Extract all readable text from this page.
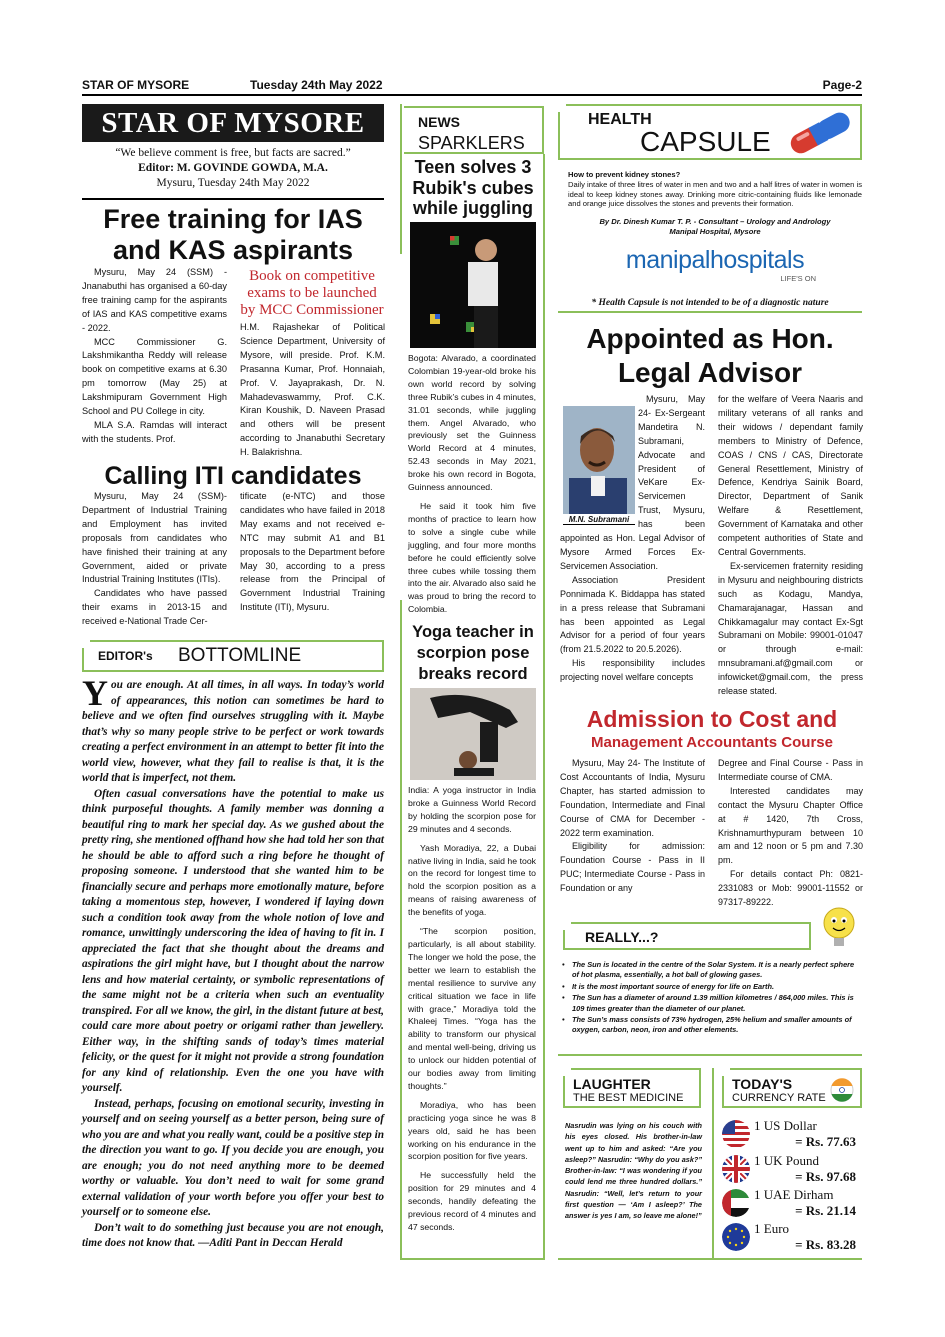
STAR OF MYSORE	Tuesday 24th May 2022	Page-2
STAR OF MYSORE
“We believe comment is free, but facts are sacred.”
Editor: M. GOVINDE GOWDA, M.A.
Mysuru, Tuesday 24th May 2022
Free training for IAS and KAS aspirants

Mysuru, May 24 (SSM) - Jnanabuthi has organised a 60-day free training camp for the aspirants of IAS and KAS competitive exams - 2022.

MCC Commissioner G. Lakshmikantha Reddy will release book on competitive exams at 6.30 pm tomorrow (May 25) at Lakshmipuram Government High School and PU College in city.

MLA S.A. Ramdas will interact with the students. Prof.

Book on competitive exams to be launched by MCC Commissioner

H.M. Rajashekar of Political Science Department, University of Mysore, will preside. Prof. K.M. Prasanna Kumar, Prof. Honnaiah, Prof. V. Jayaprakash, Dr. N. Mahadevaswammy, Prof. C.K. Kiran Koushik, D. Naveen Prasad and others will be present according to Jnanabuthi Secretary H. Balakrishna.

Calling ITI candidates

Mysuru, May 24 (SSM)- Department of Industrial Training and Employment has invited proposals from candidates who have finished their training at any Government, aided or private Industrial Training Institutes (ITIs).

Candidates who have passed their exams in 2013-15 and received e-National Trade Cer-

tificate (e-NTC) and those candidates who have failed in 2018 May exams and not received e-NTC may submit A1 and B1 proposals to the Department before May 30, according to a press release from the Principal of Government Industrial Training Institute (ITI), Mysuru.

EDITOR's BOTTOMLINE

You are enough. At all times, in all ways. In today’s world of appearances, this notion can sometimes be hard to believe and we often find ourselves struggling with it. Maybe that’s why so many people strive to be perfect or work towards creating a perfect environment in an attempt to better fit into the world view, however, what they fail to realise is that, it is the world that is imperfect, not them.

Often casual conversations have the potential to make us think purposeful thoughts. A family member was donning a beautiful ring to mark her special day. As we gushed about the pretty ring, she mentioned offhand how she had told her son that he should be able to afford such a ring before he thought of proposing someone. I understood that she wanted him to be financially secure and perhaps more emotionally mature, before taking a momentous step, however, I wondered if laying down such a condition took away from the whole notion of love and romance, unwittingly underscoring the idea of having to fit in. I appreciated the fact that she thought about the dreams and aspirations the girl might have, but I thought about the narrow lens and how material certainty, or symbolic representations of the same might not be a criteria when such an eventuality transpired. For all we know, the girl, in the distant future at best, could care more about poetry or origami rather than jewellery. Either way, in the shifting sands of today’s times material felicity, or the quest for it might not provide a strong foundation for any kind of relationship. Even the one you have with yourself.

Instead, perhaps, focusing on emotional security, investing in yourself and on seeing yourself as a better person, being sure of who you are and what you really want, could be a positive step in the direction you want to go. If you decide you are enough, you are enough; you do not need anything more to be deemed worthy or valuable. You don’t need to wait for some grand external validation of your worth before you offer your best to yourself or to someone else.

Don’t wait to do something just because you are not enough, time does not know that. —Aditi Pant in Deccan Herald

NEWS
SPARKLERS
Teen solves 3 Rubik's cubes while juggling

Bogota: Alvarado, a coordinated Colombian 19-year-old broke his own world record by solving three Rubik’s cubes in 4 minutes, 31.01 seconds, while juggling them. Angel Alvarado, who previously set the Guinness World Record at 4 minutes, 52.43 seconds in May 2021, broke his own record in Bogota, Guinness announced.

He said it took him five months of practice to learn how to solve a single cube while juggling, and four more months before he could efficiently solve three cubes while tossing them into the air. Alvarado also said he was proud to bring the record to Colombia.

Yoga teacher in scorpion pose breaks record

India: A yoga instructor in India broke a Guinness World Record by holding the scorpion pose for 29 minutes and 4 seconds.

Yash Moradiya, 22, a Dubai native living in India, said he took on the record for longest time to hold the scorpion position as a means of raising awareness of the benefits of yoga.

“The scorpion position, particularly, is all about stability. The longer we hold the pose, the better we learn to establish the mental resilience to survive any critical situation we face in life with grace,” Moradiya told the Khaleej Times. “Yoga has the ability to transform our physical and mental well-being, driving us to unlock our hidden potential of our bodies away from limiting thoughts.”

Moradiya, who has been practicing yoga since he was 8 years old, said he has been working on his endurance in the scorpion position for five years.

He successfully held the position for 29 minutes and 4 seconds, handily defeating the previous record of 4 minutes and 47 seconds.

HEALTH
CAPSULE
How to prevent kidney stones?
Daily intake of three litres of water in men and two and a half litres of water in women is ideal to keep kidney stones away. Drinking more citric-containing fluids like lemonade and orange juice dissolves the stones and prevents their formation.
By Dr. Dinesh Kumar T. P. - Consultant – Urology and Andrology
Manipal Hospital, Mysore
manipalhospitals
LIFE'S ON
* Health Capsule is not intended to be of a diagnostic nature
Appointed as Hon. Legal Advisor
M.N. Subramani

Mysuru, May 24- Ex-Sergeant Mandetira N. Subramani, Advocate and President of VeKare Ex-Servicemen Trust, Mysuru, has been appointed as Hon. Legal Advisor of Mysore Armed Forces Ex-Servicemen Association.

Association President Ponnimada K. Biddappa has stated in a press release that Subramani has been appointed as Legal Advisor for a period of four years (from 21.5.2022 to 20.5.2026).

His responsibility includes projecting novel welfare concepts

for the welfare of Veera Naaris and military veterans of all ranks and their widows / dependant family members to Ministry of Defence, COAS / CNS / CAS, Directorate General Resettlement, Ministry of Defence, Kendriya Sainik Board, Director, Department of Sanik Welfare & Resettlement, Government of Karnataka and other competent authorities of State and Central Governments.

Ex-servicemen fraternity residing in Mysuru and neighbouring districts such as Kodagu, Mandya, Chamarajanagar, Hassan and Chikkamagalur may contact Ex-Sgt Subramani on Mobile: 99001-01047 or through e-mail: mnsubramani.af@gmail.com or infowicket@gmail.com, the press release stated.

Admission to Cost and
Management Accountants Course

Mysuru, May 24- The Institute of Cost Accountants of India, Mysuru Chapter, has started admission to Foundation, Intermediate and Final Course of CMA for December - 2022 term examination.

Eligibility for admission: Foundation Course - Pass in II PUC; Intermediate Course - Pass in Foundation or any

Degree and Final Course - Pass in Intermediate course of CMA.

Interested candidates may contact the Mysuru Chapter Office at # 1420, 7th Cross, Krishnamurthypuram between 10 am and 12 noon or 5 pm and 7.30 pm.

For details contact Ph: 0821-2331083 or Mob: 99001-11552 or 97317-89222.

REALLY...?
• The Sun is located in the centre of the Solar System. It is a nearly perfect sphere of hot plasma, essentially, a hot ball of glowing gases.
• It is the most important source of energy for life on Earth.
• The Sun has a diameter of around 1.39 million kilometres / 864,000 miles. This is 109 times greater than the diameter of our planet.
• The Sun’s mass consists of 73% hydrogen, 25% helium and smaller amounts of oxygen, carbon, neon, iron and other elements.
LAUGHTER
THE BEST MEDICINE
Nasrudin was lying on his couch with his eyes closed. His brother-in-law went up to him and asked: “Are you asleep?” Nasrudin: “Why do you ask?” Brother-in-law: “I was wondering if you could lend me three hundred dollars.” Nasrudin: “Well, let’s return to your first question — ‘Am I asleep?’ The answer is yes I am, so leave me alone!”
TODAY'S
CURRENCY RATE
1 US Dollar
= Rs. 77.63
1 UK Pound
= Rs. 97.68
1 UAE Dirham
= Rs. 21.14
1 Euro
= Rs. 83.28
